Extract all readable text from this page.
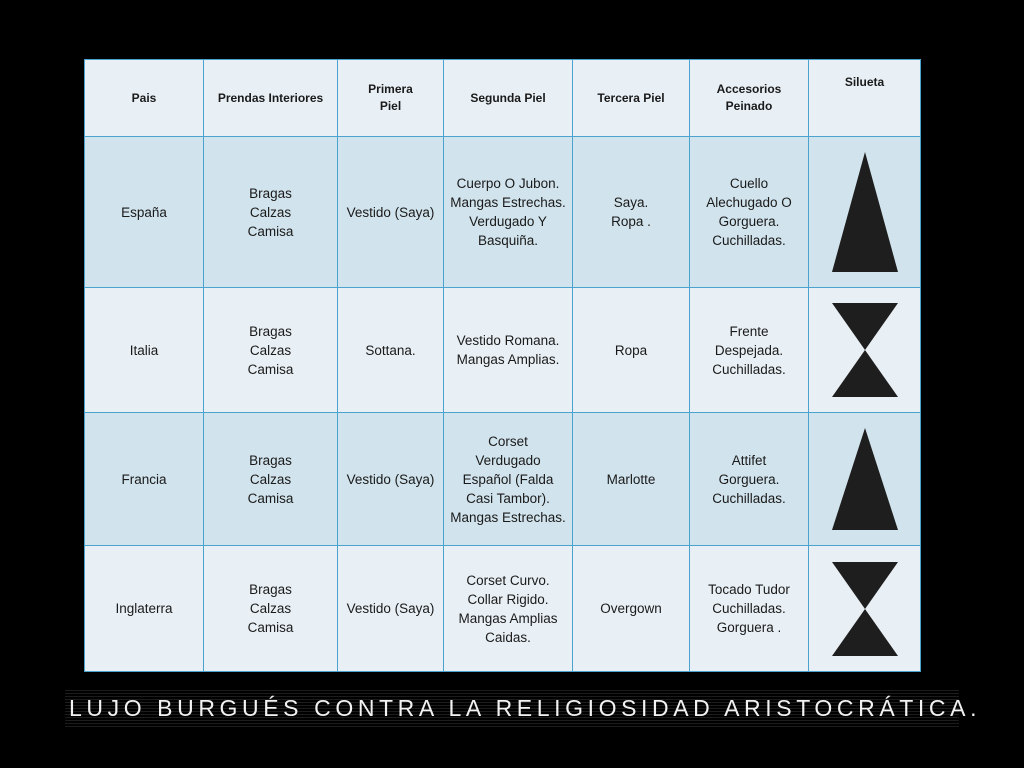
Pais	Prendas Interiores	Primera
Piel	Segunda Piel	Tercera Piel	Accesorios
Peinado	Silueta

España	Bragas
Calzas
Camisa	Vestido (Saya)	Cuerpo O Jubon.
Mangas Estrechas.
Verdugado Y
Basquiña.	Saya.
Ropa .	Cuello
Alechugado O
Gorguera.
Cuchilladas.

Italia	Bragas
Calzas
Camisa	Sottana.	Vestido Romana.
Mangas Amplias.	Ropa	Frente
Despejada.
Cuchilladas.

Francia	Bragas
Calzas
Camisa	Vestido (Saya)	Corset
Verdugado
Español (Falda
Casi Tambor).
Mangas Estrechas.	Marlotte	Attifet
Gorguera.
Cuchilladas.

Inglaterra	Bragas
Calzas
Camisa	Vestido (Saya)	Corset Curvo.
Collar Rigido.
Mangas Amplias
Caidas.	Overgown	Tocado Tudor
Cuchilladas.
Gorguera .

LUJO BURGUÉS CONTRA LA RELIGIOSIDAD ARISTOCRÁTICA.
